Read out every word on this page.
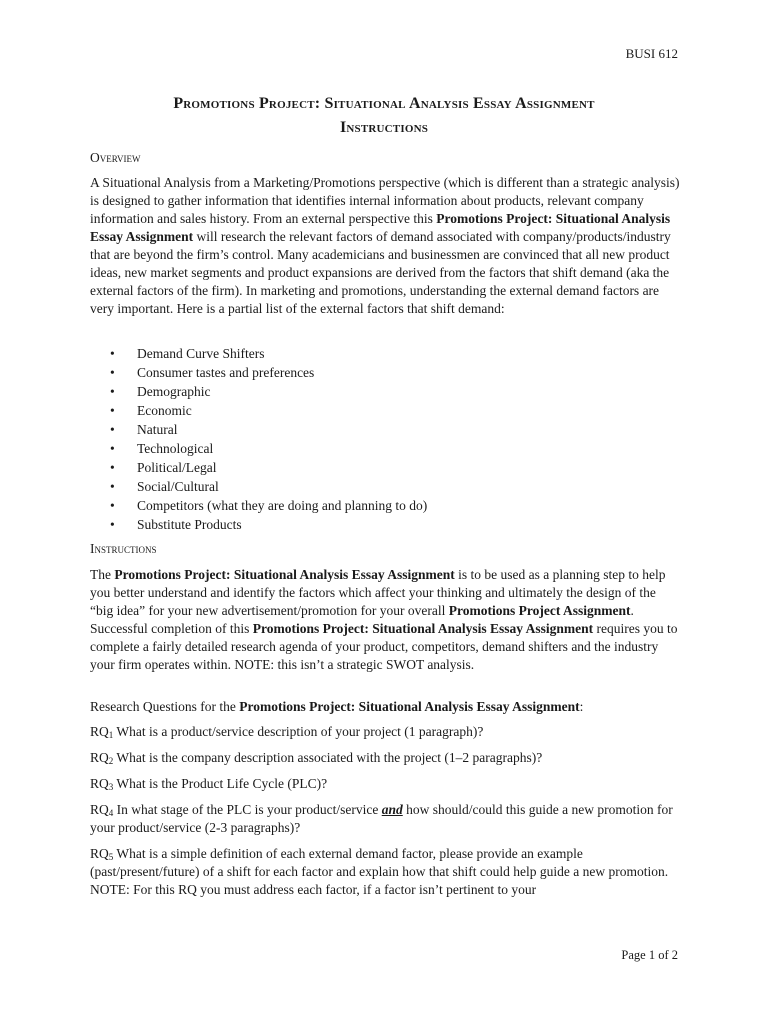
BUSI 612
Promotions Project: Situational Analysis Essay Assignment
Instructions
Overview

A Situational Analysis from a Marketing/Promotions perspective (which is different than a strategic analysis) is designed to gather information that identifies internal information about products, relevant company information and sales history. From an external perspective this Promotions Project: Situational Analysis Essay Assignment will research the relevant factors of demand associated with company/products/industry that are beyond the firm’s control. Many academicians and businessmen are convinced that all new product ideas, new market segments and product expansions are derived from the factors that shift demand (aka the external factors of the firm). In marketing and promotions, understanding the external demand factors are very important. Here is a partial list of the external factors that shift demand:

• Demand Curve Shifters
• Consumer tastes and preferences
• Demographic
• Economic
• Natural
• Technological
• Political/Legal
• Social/Cultural
• Competitors (what they are doing and planning to do)
• Substitute Products
Instructions

The Promotions Project: Situational Analysis Essay Assignment is to be used as a planning step to help you better understand and identify the factors which affect your thinking and ultimately the design of the “big idea” for your new advertisement/promotion for your overall Promotions Project Assignment. Successful completion of this Promotions Project: Situational Analysis Essay Assignment requires you to complete a fairly detailed research agenda of your product, competitors, demand shifters and the industry your firm operates within. NOTE: this isn’t a strategic SWOT analysis.

Research Questions for the Promotions Project: Situational Analysis Essay Assignment:

$RQ_1$ What is a product/service description of your project (1 paragraph)?

$RQ_2$ What is the company description associated with the project (1–2 paragraphs)?

$RQ_3$ What is the Product Life Cycle (PLC)?

$RQ_4$ In what stage of the PLC is your product/service and how should/could this guide a new promotion for your product/service (2-3 paragraphs)?

$RQ_5$ What is a simple definition of each external demand factor, please provide an example (past/present/future) of a shift for each factor and explain how that shift could help guide a new promotion. NOTE: For this RQ you must address each factor, if a factor isn’t pertinent to your

Page 1 of 2
